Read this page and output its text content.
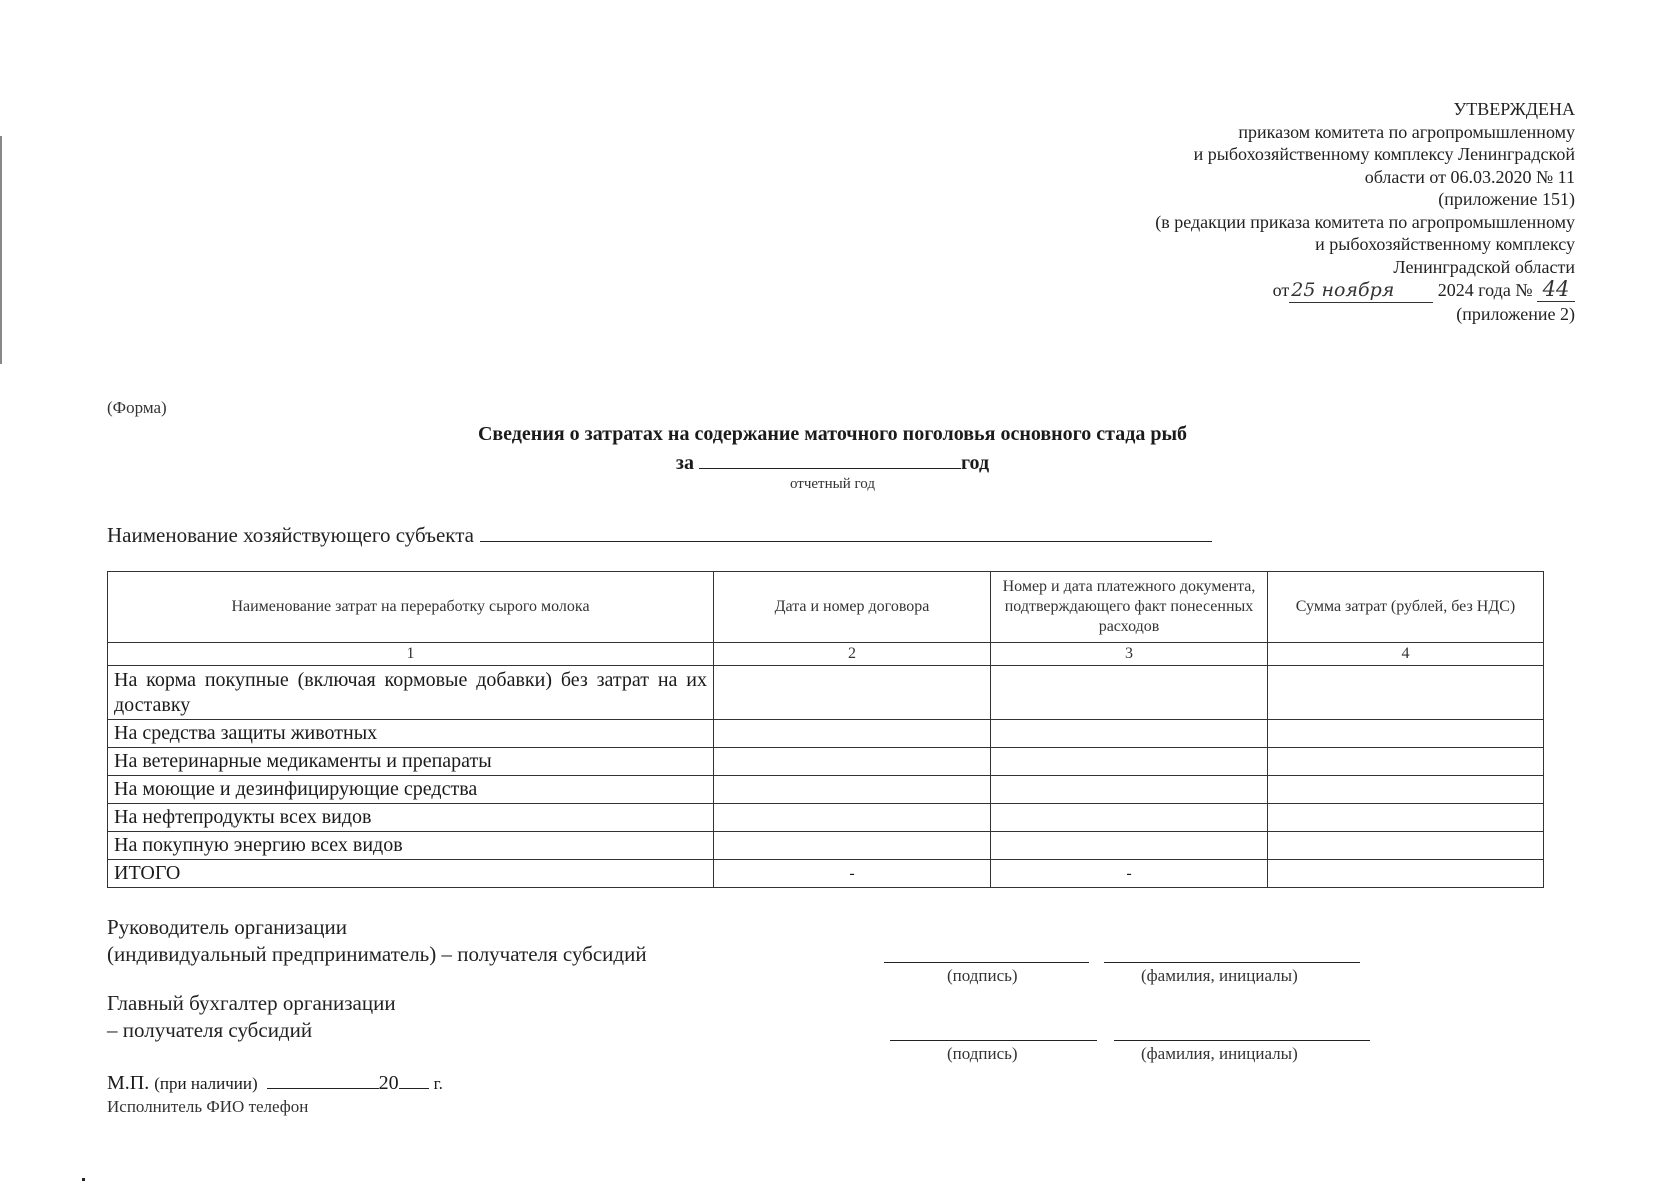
УТВЕРЖДЕНА
приказом комитета по агропромышленному
и рыбохозяйственному комплексу Ленинградской
области от 06.03.2020 № 11
(приложение 151)
(в редакции приказа комитета по агропромышленному
и рыбохозяйственному комплексу
Ленинградской области
от 25 ноября 2024 года № 44
(приложение 2)
(Форма)
Сведения о затратах на содержание маточного поголовья основного стада рыб
за	год
отчетный год
Наименование хозяйствующего субъекта
Наименование затрат на переработку сырого молока	Дата и номер договора	Номер и дата платежного документа, подтверждающего факт понесенных расходов	Сумма затрат (рублей, без НДС)
1	2	3	4
На корма покупные (включая кормовые добавки) без затрат на их доставку			
На средства защиты животных			
На ветеринарные медикаменты и препараты			
На моющие и дезинфицирующие средства			
На нефтепродукты всех видов			
На покупную энергию всех видов			
ИТОГО	-	-	
Руководитель организации
(индивидуальный предприниматель) – получателя субсидий
(подпись)	(фамилия, инициалы)
Главный бухгалтер организации
– получателя субсидий
(подпись)	(фамилия, инициалы)
М.П. (при наличии)	20 г.
Исполнитель ФИО телефон
